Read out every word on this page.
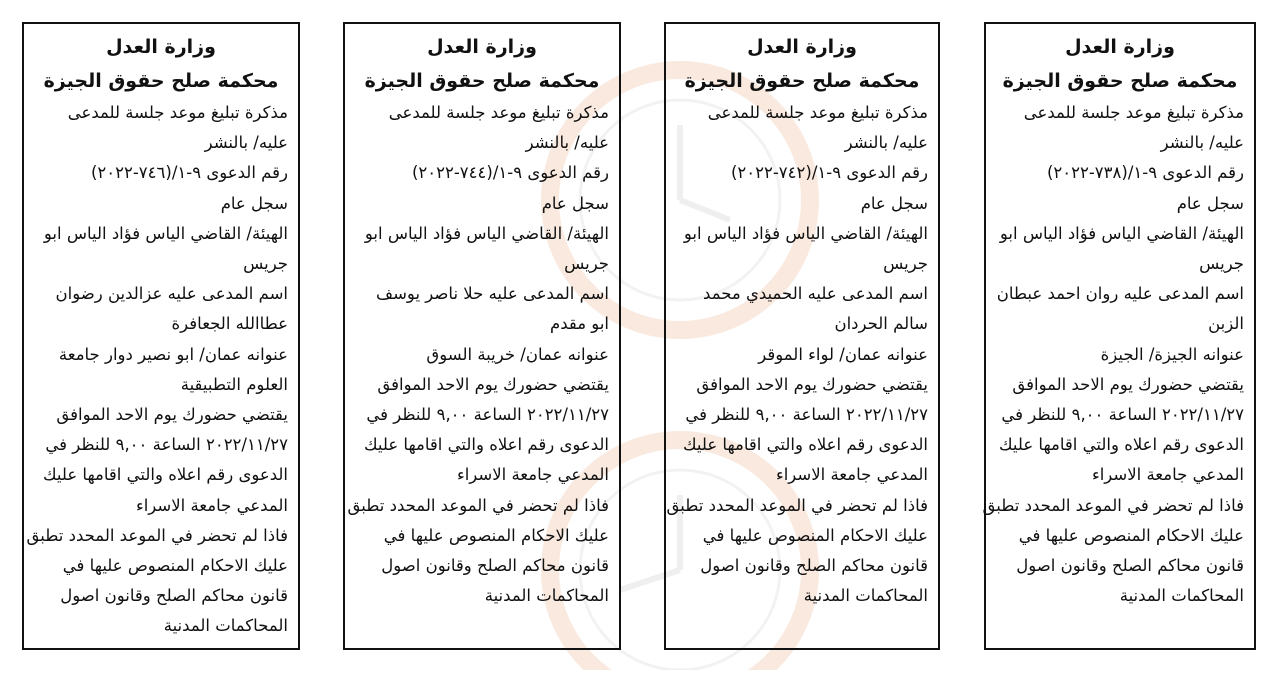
وزارة العدل
محكمة صلح حقوق الجيزة
مذكرة تبليغ موعد جلسة للمدعى
عليه/ بالنشر
رقم الدعوى ٩-١/(٧٣٨-٢٠٢٢)
سجل عام
الهيئة/ القاضي الياس فؤاد الياس ابو
جريس
اسم المدعى عليه روان احمد عبطان
الزبن
عنوانه الجيزة/ الجيزة
يقتضي حضورك يوم الاحد الموافق
٢٠٢٢/١١/٢٧ الساعة ٩,٠٠ للنظر في
الدعوى رقم اعلاه والتي اقامها عليك
المدعي جامعة الاسراء
فاذا لم تحضر في الموعد المحدد تطبق
عليك الاحكام المنصوص عليها في
قانون محاكم الصلح وقانون اصول
المحاكمات المدنية
وزارة العدل
محكمة صلح حقوق الجيزة
مذكرة تبليغ موعد جلسة للمدعى
عليه/ بالنشر
رقم الدعوى ٩-١/(٧٤٢-٢٠٢٢)
سجل عام
الهيئة/ القاضي الياس فؤاد الياس ابو
جريس
اسم المدعى عليه الحميدي محمد
سالم الحردان
عنوانه عمان/ لواء الموقر
يقتضي حضورك يوم الاحد الموافق
٢٠٢٢/١١/٢٧ الساعة ٩,٠٠ للنظر في
الدعوى رقم اعلاه والتي اقامها عليك
المدعي جامعة الاسراء
فاذا لم تحضر في الموعد المحدد تطبق
عليك الاحكام المنصوص عليها في
قانون محاكم الصلح وقانون اصول
المحاكمات المدنية
وزارة العدل
محكمة صلح حقوق الجيزة
مذكرة تبليغ موعد جلسة للمدعى
عليه/ بالنشر
رقم الدعوى ٩-١/(٧٤٤-٢٠٢٢)
سجل عام
الهيئة/ القاضي الياس فؤاد الياس ابو
جريس
اسم المدعى عليه حلا ناصر يوسف
ابو مقدم
عنوانه عمان/ خريبة السوق
يقتضي حضورك يوم الاحد الموافق
٢٠٢٢/١١/٢٧ الساعة ٩,٠٠ للنظر في
الدعوى رقم اعلاه والتي اقامها عليك
المدعي جامعة الاسراء
فاذا لم تحضر في الموعد المحدد تطبق
عليك الاحكام المنصوص عليها في
قانون محاكم الصلح وقانون اصول
المحاكمات المدنية
وزارة العدل
محكمة صلح حقوق الجيزة
مذكرة تبليغ موعد جلسة للمدعى
عليه/ بالنشر
رقم الدعوى ٩-١/(٧٤٦-٢٠٢٢)
سجل عام
الهيئة/ القاضي الياس فؤاد الياس ابو
جريس
اسم المدعى عليه عزالدين رضوان
عطاالله الجعافرة
عنوانه عمان/ ابو نصير دوار جامعة
العلوم التطبيقية
يقتضي حضورك يوم الاحد الموافق
٢٠٢٢/١١/٢٧ الساعة ٩,٠٠ للنظر في
الدعوى رقم اعلاه والتي اقامها عليك
المدعي جامعة الاسراء
فاذا لم تحضر في الموعد المحدد تطبق
عليك الاحكام المنصوص عليها في
قانون محاكم الصلح وقانون اصول
المحاكمات المدنية
